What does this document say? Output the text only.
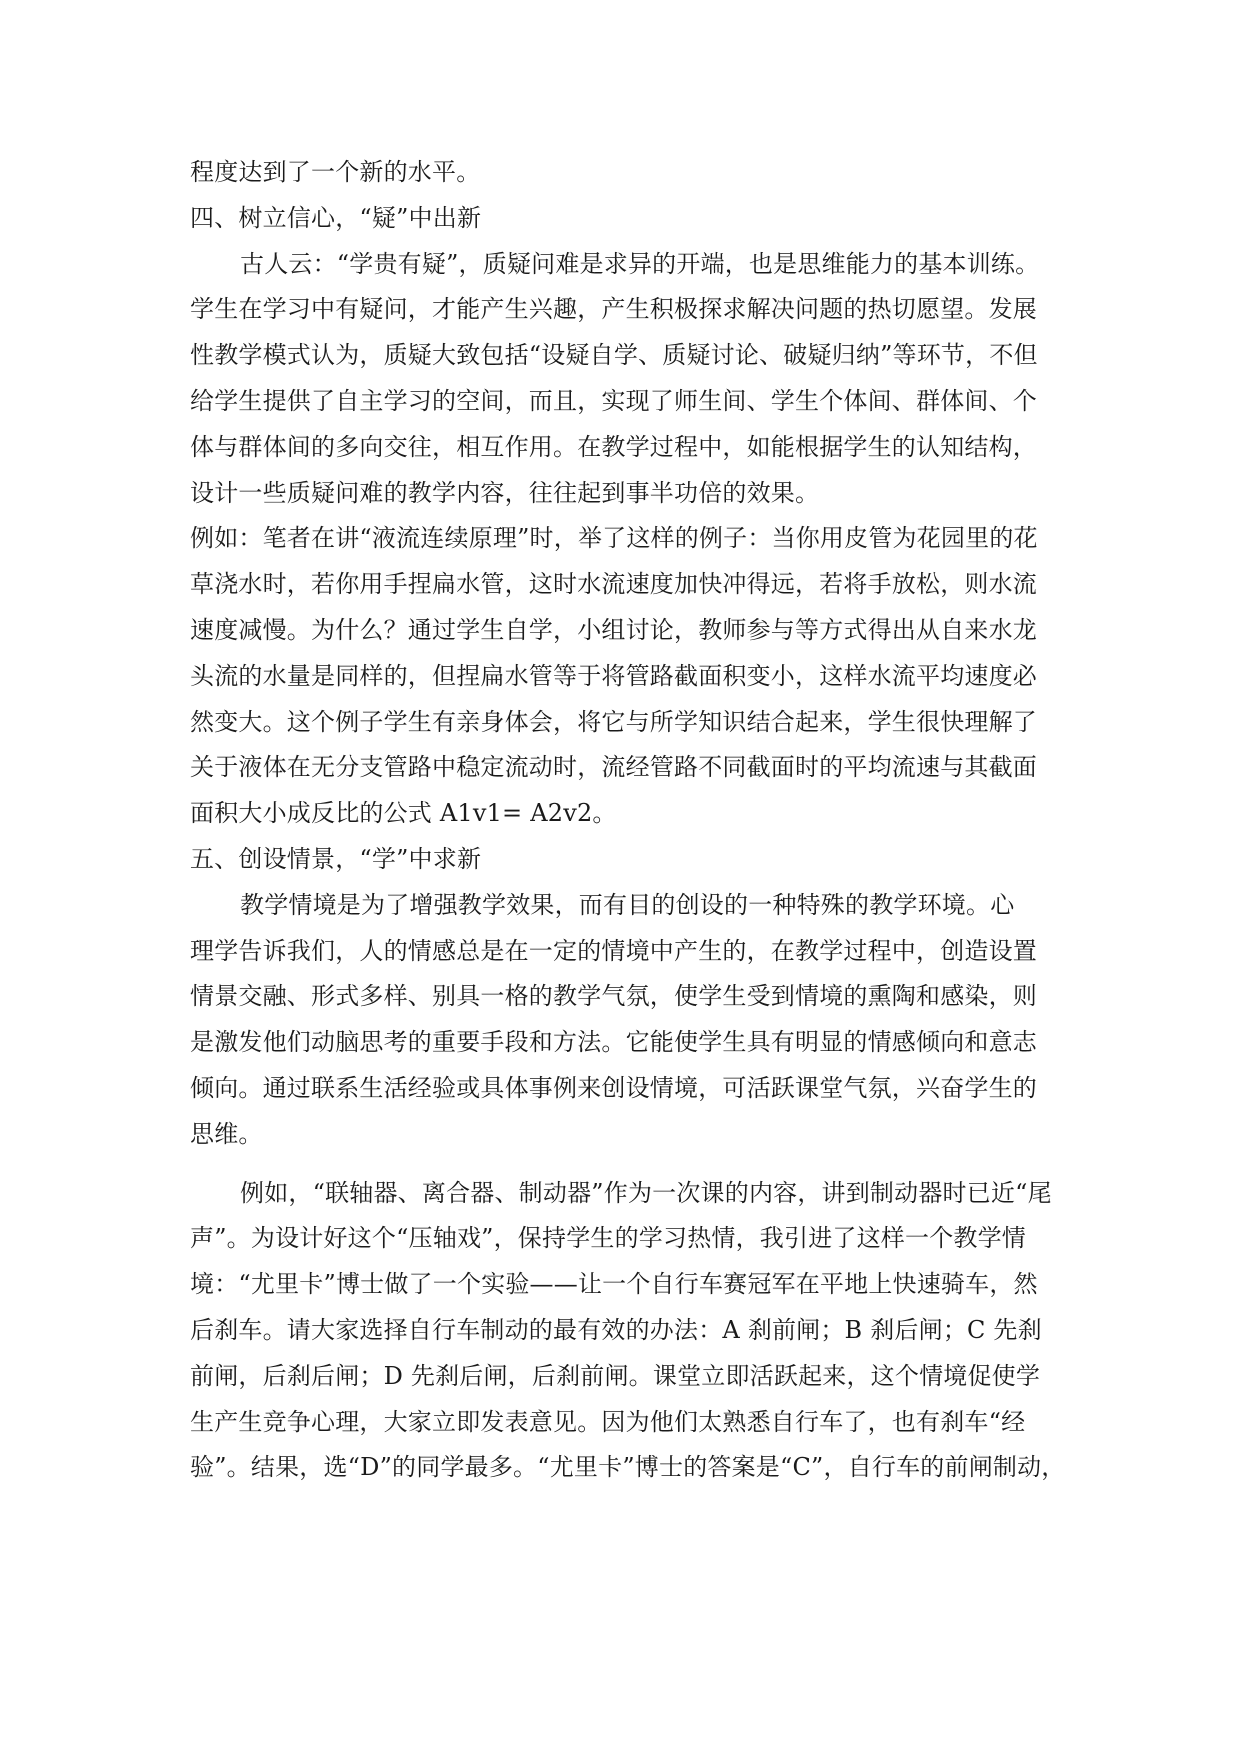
程度达到了一个新的水平。
四、树立信心，“疑”中出新
古人云：“学贵有疑”，质疑问难是求异的开端，也是思维能力的基本训练。
学生在学习中有疑问，才能产生兴趣，产生积极探求解决问题的热切愿望。发展
性教学模式认为，质疑大致包括“设疑自学、质疑讨论、破疑归纳”等环节，不但
给学生提供了自主学习的空间，而且，实现了师生间、学生个体间、群体间、个
体与群体间的多向交往，相互作用。在教学过程中，如能根据学生的认知结构，
设计一些质疑问难的教学内容，往往起到事半功倍的效果。
例如：笔者在讲“液流连续原理”时，举了这样的例子：当你用皮管为花园里的花
草浇水时，若你用手捏扁水管，这时水流速度加快冲得远，若将手放松，则水流
速度减慢。为什么？通过学生自学，小组讨论，教师参与等方式得出从自来水龙
头流的水量是同样的，但捏扁水管等于将管路截面积变小，这样水流平均速度必
然变大。这个例子学生有亲身体会，将它与所学知识结合起来，学生很快理解了
关于液体在无分支管路中稳定流动时，流经管路不同截面时的平均流速与其截面
面积大小成反比的公式 A1v1= A2v2。
五、创设情景，“学”中求新
教学情境是为了增强教学效果，而有目的创设的一种特殊的教学环境。心
理学告诉我们，人的情感总是在一定的情境中产生的，在教学过程中，创造设置
情景交融、形式多样、别具一格的教学气氛，使学生受到情境的熏陶和感染，则
是激发他们动脑思考的重要手段和方法。它能使学生具有明显的情感倾向和意志
倾向。通过联系生活经验或具体事例来创设情境，可活跃课堂气氛，兴奋学生的
思维。
例如，“联轴器、离合器、制动器”作为一次课的内容，讲到制动器时已近“尾
声”。为设计好这个“压轴戏”，保持学生的学习热情，我引进了这样一个教学情
境：“尤里卡”博士做了一个实验——让一个自行车赛冠军在平地上快速骑车，然
后刹车。请大家选择自行车制动的最有效的办法：A 刹前闸；B 刹后闸；C 先刹
前闸，后刹后闸；D 先刹后闸，后刹前闸。课堂立即活跃起来，这个情境促使学
生产生竞争心理，大家立即发表意见。因为他们太熟悉自行车了，也有刹车“经
验”。结果，选“D”的同学最多。“尤里卡”博士的答案是“C”，自行车的前闸制动，
